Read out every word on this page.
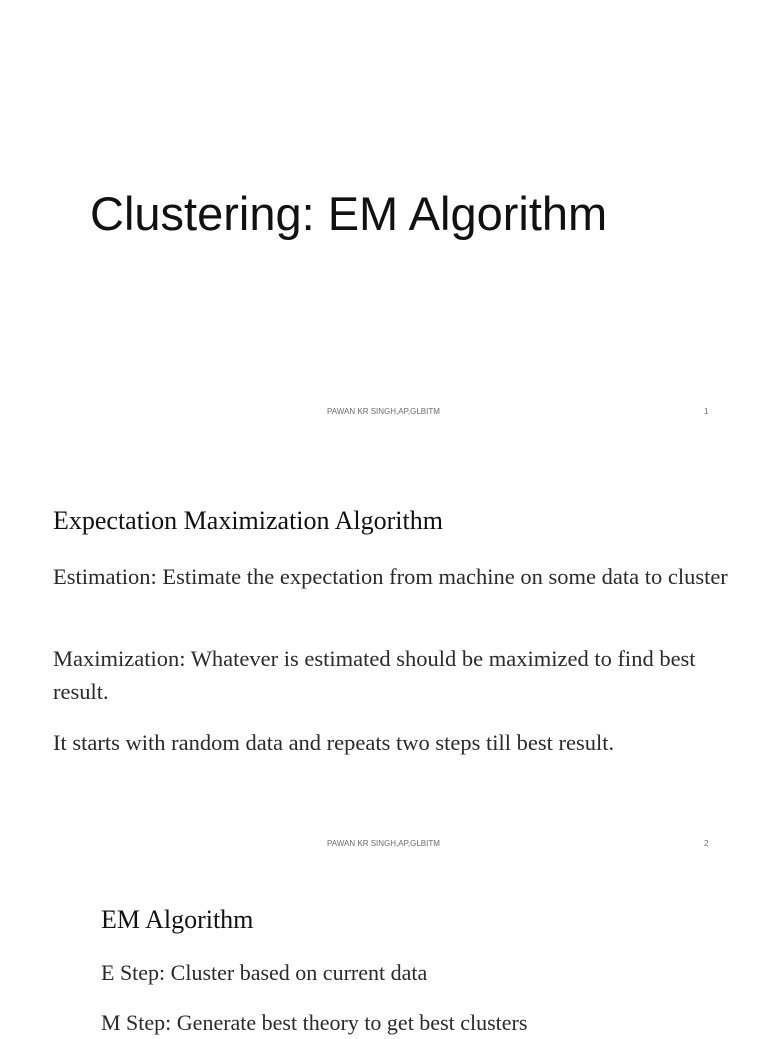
Clustering: EM Algorithm
PAWAN KR SINGH,AP,GLBITM	1
Expectation Maximization Algorithm

Estimation: Estimate the expectation from machine on some data to cluster

Maximization: Whatever is estimated should be maximized to find best result.

It starts with random data and repeats two steps till best result.

PAWAN KR SINGH,AP,GLBITM	2
EM Algorithm

E Step: Cluster based on current data

M Step: Generate best theory to get best clusters
